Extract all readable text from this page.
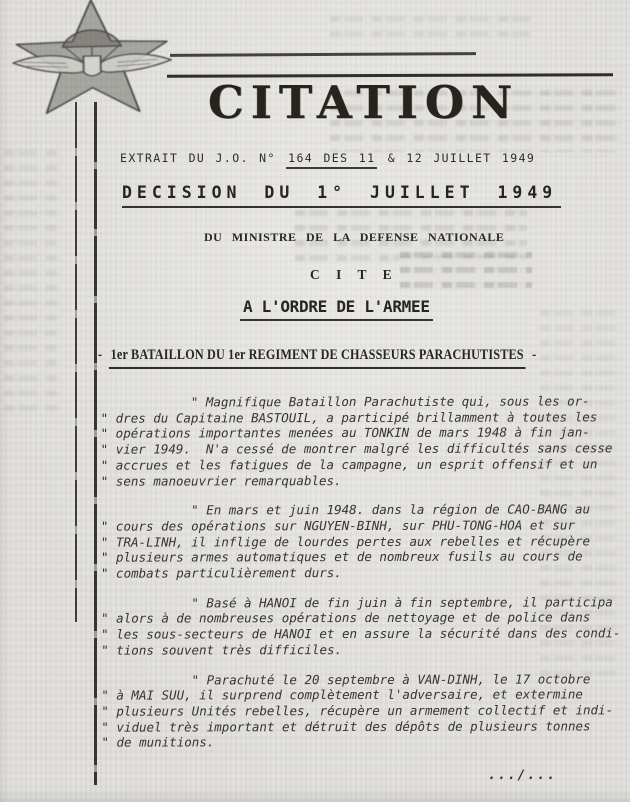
CITATION
EXTRAIT DU J.O. N° 164 DES 11 & 12 JUILLET 1949
DECISION DU 1° JUILLET 1949
DU MINISTRE DE LA DEFENSE NATIONALE
C I T E
A L'ORDRE DE L'ARMEE
- 1er BATAILLON DU 1er REGIMENT DE CHASSEURS PARACHUTISTES -
" Magnifique Bataillon Parachutiste qui, sous les or-
" dres du Capitaine BASTOUIL, a participé brillamment à toutes les
" opérations importantes menées au TONKIN de mars 1948 à fin jan-
" vier 1949.  N'a cessé de montrer malgré les difficultés sans cesse
" accrues et les fatigues de la campagne, un esprit offensif et un
" sens manoeuvrier remarquables.
" En mars et juin 1948. dans la région de CAO-BANG au
" cours des opérations sur NGUYEN-BINH, sur PHU-TONG-HOA et sur
" TRA-LINH, il inflige de lourdes pertes aux rebelles et récupère
" plusieurs armes automatiques et de nombreux fusils au cours de
" combats particulièrement durs.
" Basé à HANOI de fin juin à fin septembre, il participa
" alors à de nombreuses opérations de nettoyage et de police dans
" les sous-secteurs de HANOI et en assure la sécurité dans des condi-
" tions souvent très difficiles.
" Parachuté le 20 septembre à VAN-DINH, le 17 octobre
" à MAI SUU, il surprend complètement l'adversaire, et extermine
" plusieurs Unités rebelles, récupère un armement collectif et indi-
" viduel très important et détruit des dépôts de plusieurs tonnes
" de munitions.
.../...
